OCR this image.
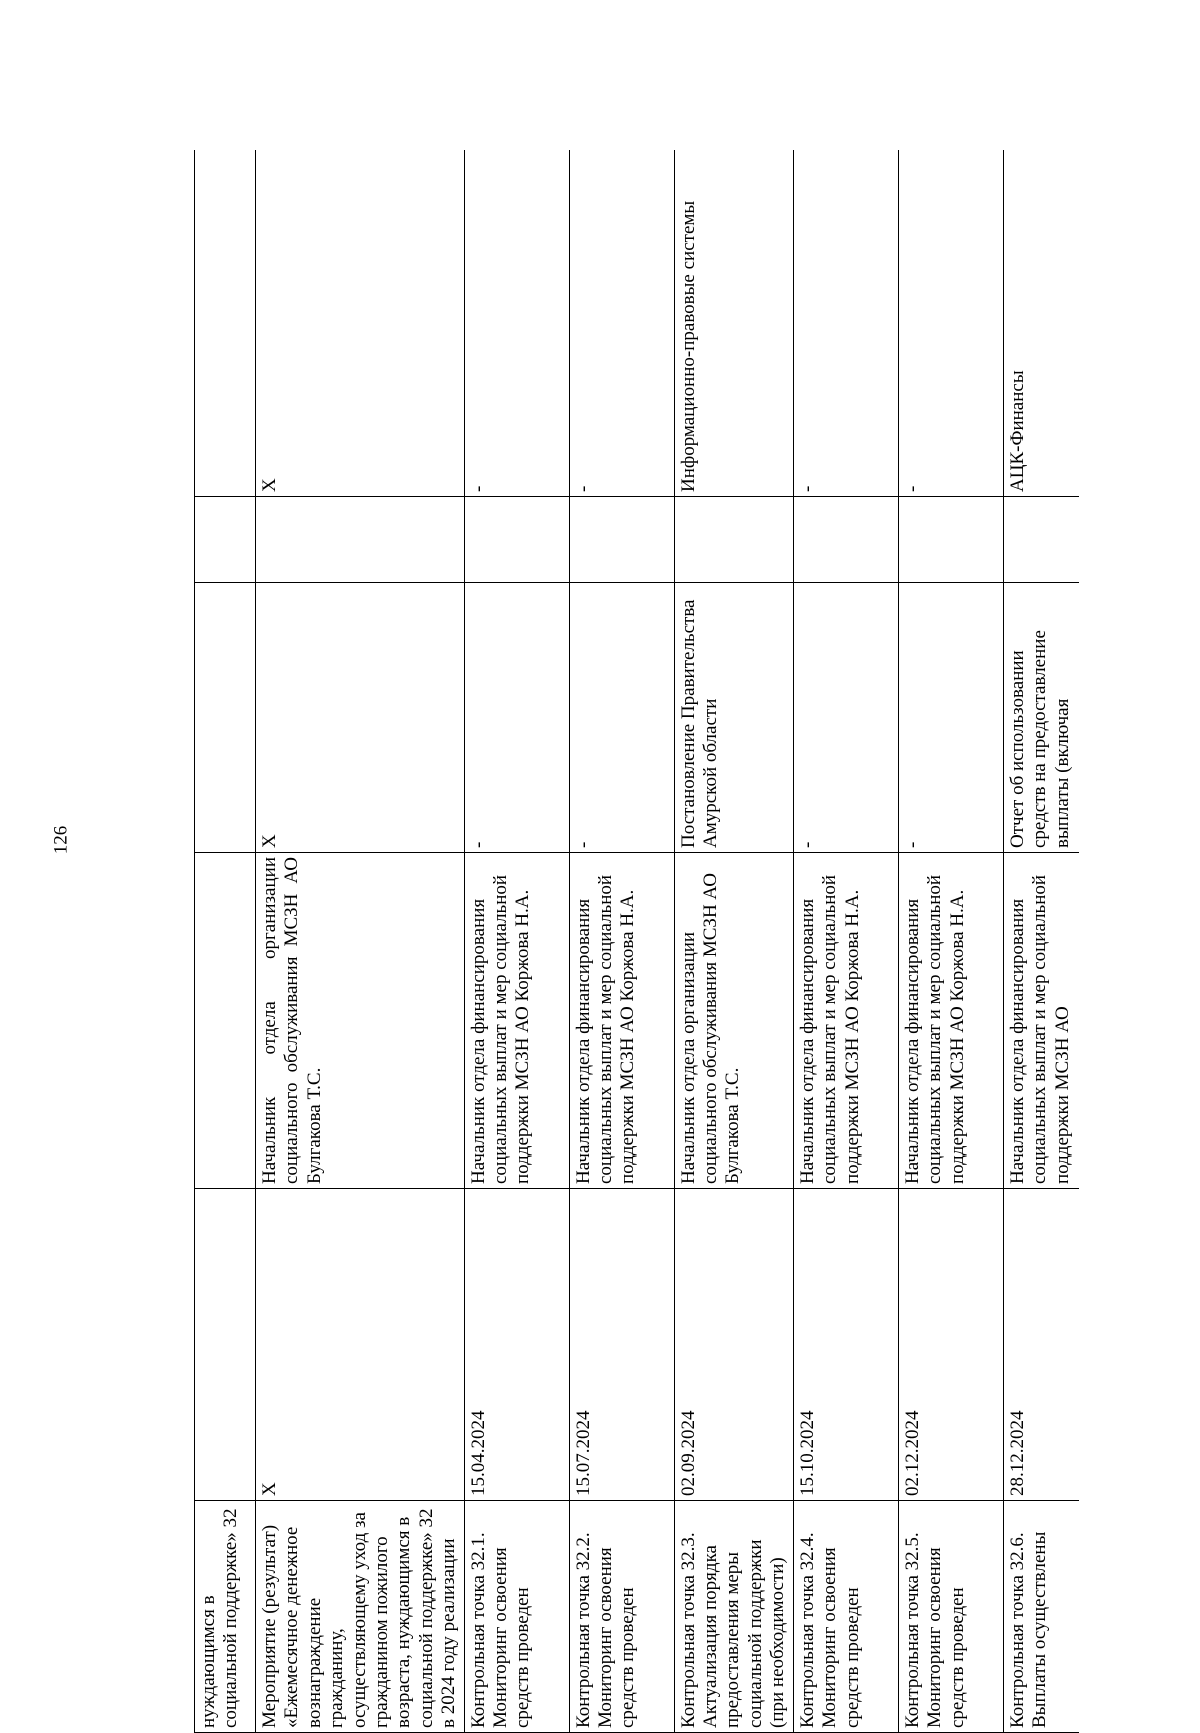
126
нуждающимся в социальной поддержке» 32					
Мероприятие (результат) «Ежемесячное денежное вознаграждение гражданину, осуществляющему уход за гражданином пожилого возраста, нуждающимся в социальной поддержке» 32 в 2024 году реализации	Х	Начальник отдела организации социального обслуживания МСЗН АО Булгакова Т.С.	Х		Х
Контрольная точка 32.1. Мониторинг освоения средств проведен	15.04.2024	Начальник отдела финансирования социальных выплат и мер социальной поддержки МСЗН АО Коржова Н.А.	-		-
Контрольная точка 32.2. Мониторинг освоения средств проведен	15.07.2024	Начальник отдела финансирования социальных выплат и мер социальной поддержки МСЗН АО Коржова Н.А.	-		-
Контрольная точка 32.3. Актуализация порядка предоставления меры социальной поддержки (при необходимости)	02.09.2024	Начальник отдела организации социального обслуживания МСЗН АО Булгакова Т.С.	Постановление Правительства Амурской области		Информационно-правовые системы
Контрольная точка 32.4. Мониторинг освоения средств проведен	15.10.2024	Начальник отдела финансирования социальных выплат и мер социальной поддержки МСЗН АО Коржова Н.А.	-		-
Контрольная точка 32.5. Мониторинг освоения средств проведен	02.12.2024	Начальник отдела финансирования социальных выплат и мер социальной поддержки МСЗН АО Коржова Н.А.	-		-
Контрольная точка 32.6. Выплаты осуществлены	28.12.2024	Начальник отдела финансирования социальных выплат и мер социальной поддержки МСЗН АО	Отчет об использовании средств на предоставление выплаты (включая		АЦК-Финансы
